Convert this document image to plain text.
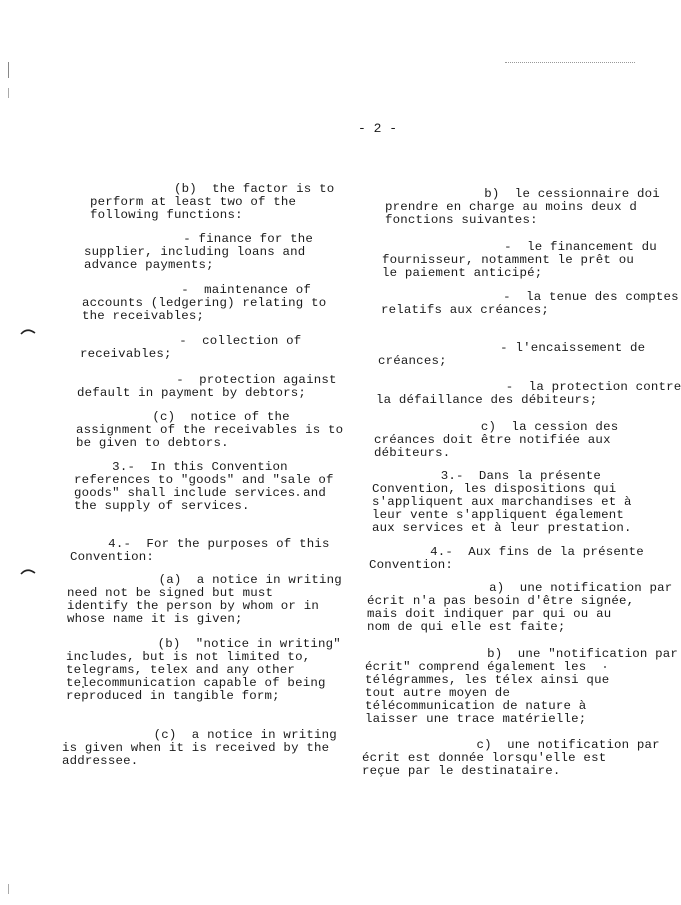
- 2 -

(b)  the factor is to
perform at least two of the
following functions:

- finance for the
supplier, including loans and
advance payments;

-  maintenance of
accounts (ledgering) relating to
the receivables;

-  collection of
receivables;

-  protection against
default in payment by debtors;

(c)  notice of the
assignment of the receivables is to
be given to debtors.

3.-  In this Convention
references to "goods" and "sale of
goods" shall include services and
the supply of services.

4.-  For the purposes of this
Convention:

(a)  a notice in writing
need not be signed but must
identify the person by whom or in
whose name it is given;

(b)  "notice in writing"
includes, but is not limited to,
telegrams, telex and any other
telecommunication capable of being
reproduced in tangible form;

(c)  a notice in writing
is given when it is received by the
addressee.

b)  le cessionnaire doi
prendre en charge au moins deux d
fonctions suivantes:

-  le financement du
fournisseur, notamment le prêt ou
le paiement anticipé;

-  la tenue des comptes
relatifs aux créances;

- l'encaissement de
créances;

-  la protection contre
la défaillance des débiteurs;

c)  la cession des
créances doit être notifiée aux
débiteurs.

3.-  Dans la présente
Convention, les dispositions qui
s'appliquent aux marchandises et à
leur vente s'appliquent également
aux services et à leur prestation.

4.-  Aux fins de la présente
Convention:

a)  une notification par
écrit n'a pas besoin d'être signée,
mais doit indiquer par qui ou au
nom de qui elle est faite;

b)  une "notification par
écrit" comprend également les
télégrammes, les télex ainsi que
tout autre moyen de
télécommunication de nature à
laisser une trace matérielle;

c)  une notification par
écrit est donnée lorsqu'elle est
reçue par le destinataire.
